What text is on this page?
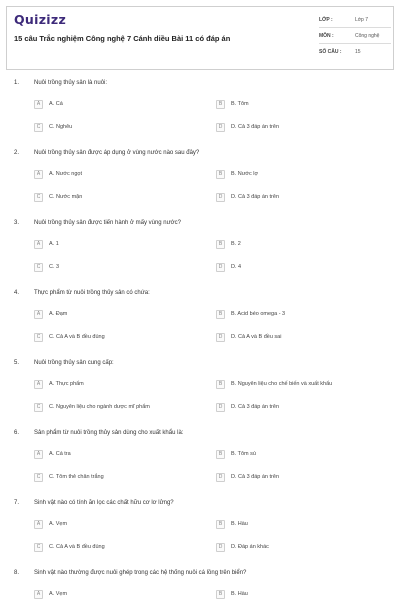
Quizizz
15 câu Trắc nghiệm Công nghệ 7 Cánh diều Bài 11 có đáp án
LỚP :	Lớp 7
MÔN :	Công nghệ
SỐ CÂU :	15
1. Nuôi trồng thủy sản là nuôi:
A	A. Cá	B	B. Tôm
C	C. Nghêu	D	D. Cả 3 đáp án trên
2. Nuôi trồng thủy sản được áp dụng ở vùng nước nào sau đây?
A	A. Nước ngọt	B	B. Nước lợ
C	C. Nước mặn	D	D. Cả 3 đáp án trên
3. Nuôi trồng thủy sản được tiến hành ở mấy vùng nước?
A	A. 1	B	B. 2
C	C. 3	D	D. 4
4. Thực phẩm từ nuôi trồng thủy sản có chứa:
A	A. Đạm	B	B. Acid béo omega - 3
C	C. Cả A và B đều đúng	D	D. Cả A và B đều sai
5. Nuôi trồng thủy sản cung cấp:
A	A. Thực phẩm	B	B. Nguyên liệu cho chế biến và xuất khẩu
C	C. Nguyên liệu cho ngành dược mĩ phẩm	D	D. Cả 3 đáp án trên
6. Sản phẩm từ nuôi trồng thủy sản dùng cho xuất khẩu là:
A	A. Cá tra	B	B. Tôm sú
C	C. Tôm thẻ chân trắng	D	D. Cả 3 đáp án trên
7. Sinh vật nào có tính ăn lọc các chất hữu cơ lơ lửng?
A	A. Vẹm	B	B. Hàu
C	C. Cả A và B đều đúng	D	D. Đáp án khác
8. Sinh vật nào thường được nuôi ghép trong các hệ thống nuôi cá lồng trên biển?
A	A. Vẹm	B	B. Hàu
